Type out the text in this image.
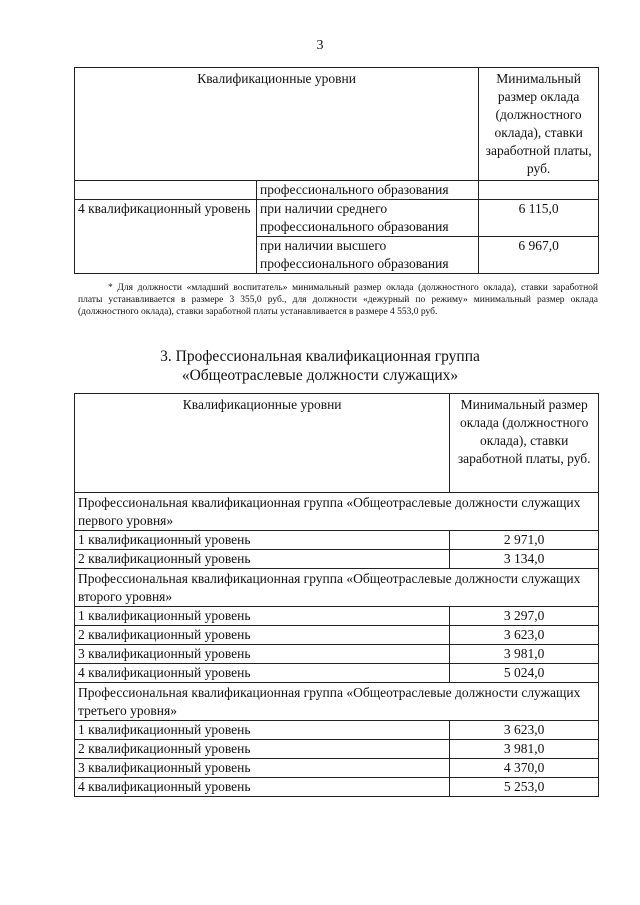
3
Квалификационные уровни		Минимальный размер оклада (должностного оклада), ставки заработной платы, руб.
	профессионального образования	
4 квалификационный уровень	при наличии среднего профессионального образования	6 115,0
	при наличии высшего профессионального образования	6 967,0
* Для должности «младший воспитатель» минимальный размер оклада (должностного оклада), ставки заработной платы устанавливается в размере 3 355,0 руб., для должности «дежурный по режиму» минимальный размер оклада (должностного оклада), ставки заработной платы устанавливается в размере 4 553,0 руб.
3. Профессиональная квалификационная группа
«Общеотраслевые должности служащих»
Квалификационные уровни	Минимальный размер оклада (должностного оклада), ставки заработной платы, руб.
Профессиональная квалификационная группа «Общеотраслевые должности служащих первого уровня»	
1 квалификационный уровень	2 971,0
2 квалификационный уровень	3 134,0
Профессиональная квалификационная группа «Общеотраслевые должности служащих второго уровня»	
1 квалификационный уровень	3 297,0
2 квалификационный уровень	3 623,0
3 квалификационный уровень	3 981,0
4 квалификационный уровень	5 024,0
Профессиональная квалификационная группа «Общеотраслевые должности служащих третьего уровня»	
1 квалификационный уровень	3 623,0
2 квалификационный уровень	3 981,0
3 квалификационный уровень	4 370,0
4 квалификационный уровень	5 253,0
